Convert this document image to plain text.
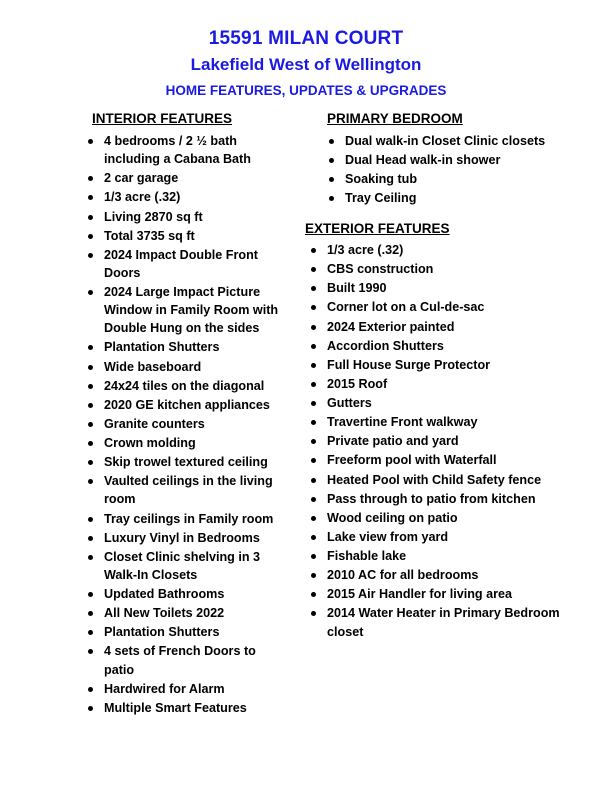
15591 MILAN COURT
Lakefield West of Wellington
HOME FEATURES, UPDATES & UPGRADES
INTERIOR FEATURES
4 bedrooms / 2 ½ bath including a Cabana Bath
2 car garage
1/3 acre (.32)
Living 2870 sq ft
Total 3735 sq ft
2024 Impact Double Front Doors
2024 Large Impact Picture Window in Family Room with Double Hung on the sides
Plantation Shutters
Wide baseboard
24x24 tiles on the diagonal
2020 GE kitchen appliances
Granite counters
Crown molding
Skip trowel textured ceiling
Vaulted ceilings in the living room
Tray ceilings in Family room
Luxury Vinyl in Bedrooms
Closet Clinic shelving in 3 Walk-In Closets
Updated Bathrooms
All New Toilets 2022
Plantation Shutters
4 sets of French Doors to patio
Hardwired for Alarm
Multiple Smart Features
PRIMARY BEDROOM
Dual walk-in Closet Clinic closets
Dual Head walk-in shower
Soaking tub
Tray Ceiling
EXTERIOR FEATURES
1/3 acre (.32)
CBS construction
Built 1990
Corner lot on a Cul-de-sac
2024 Exterior painted
Accordion Shutters
Full House Surge Protector
2015 Roof
Gutters
Travertine Front walkway
Private patio and yard
Freeform pool with Waterfall
Heated Pool with Child Safety fence
Pass through to patio from kitchen
Wood ceiling on patio
Lake view from yard
Fishable lake
2010 AC for all bedrooms
2015 Air Handler for living area
2014 Water Heater in Primary Bedroom closet
